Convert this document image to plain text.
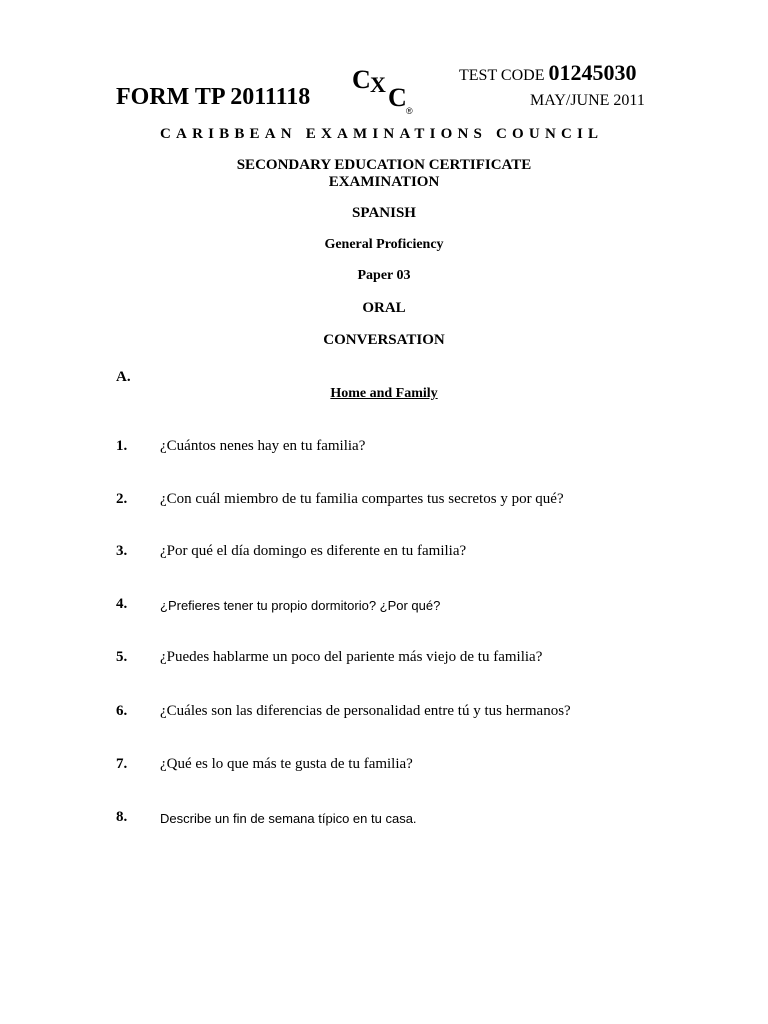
FORM TP 2011118
C X C ®
TEST CODE 01245030
MAY/JUNE 2011
CARIBBEAN EXAMINATIONS COUNCIL
SECONDARY EDUCATION CERTIFICATE
EXAMINATION
SPANISH
General Proficiency
Paper 03
ORAL
CONVERSATION
A.
Home and Family
1. ¿Cuántos nenes hay en tu familia?
2. ¿Con cuál miembro de tu familia compartes tus secretos y por qué?
3. ¿Por qué el día domingo es diferente en tu familia?
4.	¿Prefieres tener tu propio dormitorio? ¿Por qué?
5. ¿Puedes hablarme un poco del pariente más viejo de tu familia?
6. ¿Cuáles son las diferencias de personalidad entre tú y tus hermanos?
7. ¿Qué es lo que más te gusta de tu familia?
8.	Describe un fin de semana típico en tu casa.
